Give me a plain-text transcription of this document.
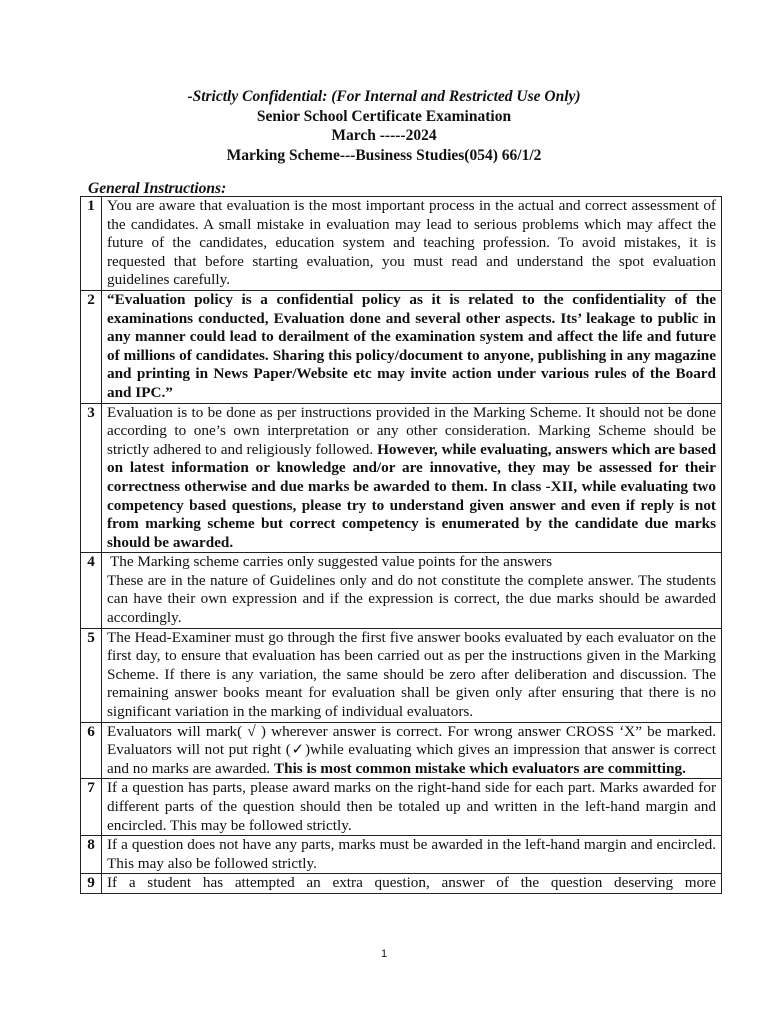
-Strictly Confidential: (For Internal and Restricted Use Only)
Senior School Certificate Examination
March -----2024
Marking Scheme---Business Studies(054) 66/1/2
General Instructions:
1	You are aware that evaluation is the most important process in the actual and correct assessment of the candidates. A small mistake in evaluation may lead to serious problems which may affect the future of the candidates, education system and teaching profession. To avoid mistakes, it is requested that before starting evaluation, you must read and understand the spot evaluation guidelines carefully.
2	“Evaluation policy is a confidential policy as it is related to the confidentiality of the examinations conducted, Evaluation done and several other aspects. Its’ leakage to public in any manner could lead to derailment of the examination system and affect the life and future of millions of candidates. Sharing this policy/document to anyone, publishing in any magazine and printing in News Paper/Website etc may invite action under various rules of the Board and IPC.”
3	Evaluation is to be done as per instructions provided in the Marking Scheme. It should not be done according to one’s own interpretation or any other consideration. Marking Scheme should be strictly adhered to and religiously followed. However, while evaluating, answers which are based on latest information or knowledge and/or are innovative, they may be assessed for their correctness otherwise and due marks be awarded to them. In class -XII, while evaluating two competency based questions, please try to understand given answer and even if reply is not from marking scheme but correct competency is enumerated by the candidate due marks should be awarded.
4	The Marking scheme carries only suggested value points for the answers
These are in the nature of Guidelines only and do not constitute the complete answer. The students can have their own expression and if the expression is correct, the due marks should be awarded accordingly.

5	The Head-Examiner must go through the first five answer books evaluated by each evaluator on the first day, to ensure that evaluation has been carried out as per the instructions given in the Marking Scheme. If there is any variation, the same should be zero after deliberation and discussion. The remaining answer books meant for evaluation shall be given only after ensuring that there is no significant variation in the marking of individual evaluators.
6	Evaluators will mark( √ ) wherever answer is correct. For wrong answer CROSS ‘X” be marked. Evaluators will not put right (✓)while evaluating which gives an impression that answer is correct and no marks are awarded. This is most common mistake which evaluators are committing.
7	If a question has parts, please award marks on the right-hand side for each part. Marks awarded for different parts of the question should then be totaled up and written in the left-hand margin and encircled. This may be followed strictly.
8	If a question does not have any parts, marks must be awarded in the left-hand margin and encircled. This may also be followed strictly.
9	If a student has attempted an extra question, answer of the question deserving more
1
